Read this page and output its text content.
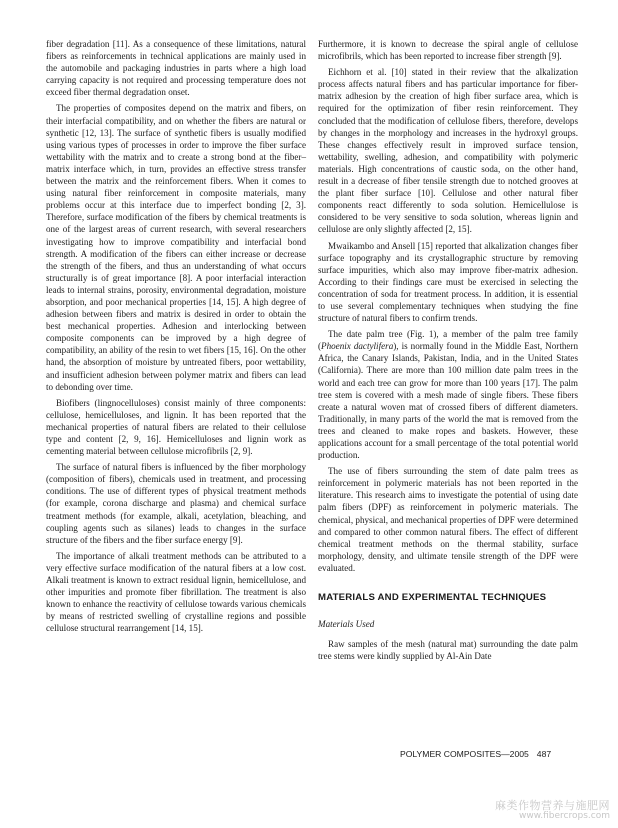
fiber degradation [11]. As a consequence of these limitations, natural fibers as reinforcements in technical applications are mainly used in the automobile and packaging industries in parts where a high load carrying capacity is not required and processing temperature does not exceed fiber thermal degradation onset.

The properties of composites depend on the matrix and fibers, on their interfacial compatibility, and on whether the fibers are natural or synthetic [12, 13]. The surface of synthetic fibers is usually modified using various types of processes in order to improve the fiber surface wettability with the matrix and to create a strong bond at the fiber–matrix interface which, in turn, provides an effective stress transfer between the matrix and the reinforcement fibers. When it comes to using natural fiber reinforcement in composite materials, many problems occur at this interface due to imperfect bonding [2, 3]. Therefore, surface modification of the fibers by chemical treatments is one of the largest areas of current research, with several researchers investigating how to improve compatibility and interfacial bond strength. A modification of the fibers can either increase or decrease the strength of the fibers, and thus an understanding of what occurs structurally is of great importance [8]. A poor interfacial interaction leads to internal strains, porosity, environmental degradation, moisture absorption, and poor mechanical properties [14, 15]. A high degree of adhesion between fibers and matrix is desired in order to obtain the best mechanical properties. Adhesion and interlocking between composite components can be improved by a high degree of compatibility, an ability of the resin to wet fibers [15, 16]. On the other hand, the absorption of moisture by untreated fibers, poor wettability, and insufficient adhesion between polymer matrix and fibers can lead to debonding over time.

Biofibers (lingnocelluloses) consist mainly of three components: cellulose, hemicelluloses, and lignin. It has been reported that the mechanical properties of natural fibers are related to their cellulose type and content [2, 9, 16]. Hemicelluloses and lignin work as cementing material between cellulose microfibrils [2, 9].

The surface of natural fibers is influenced by the fiber morphology (composition of fibers), chemicals used in treatment, and processing conditions. The use of different types of physical treatment methods (for example, corona discharge and plasma) and chemical surface treatment methods (for example, alkali, acetylation, bleaching, and coupling agents such as silanes) leads to changes in the surface structure of the fibers and the fiber surface energy [9].

The importance of alkali treatment methods can be attributed to a very effective surface modification of the natural fibers at a low cost. Alkali treatment is known to extract residual lignin, hemicellulose, and other impurities and promote fiber fibrillation. The treatment is also known to enhance the reactivity of cellulose towards various chemicals by means of restricted swelling of crystalline regions and possible cellulose structural rearrangement [14, 15].

Furthermore, it is known to decrease the spiral angle of cellulose microfibrils, which has been reported to increase fiber strength [9].

Eichhorn et al. [10] stated in their review that the alkalization process affects natural fibers and has particular importance for fiber-matrix adhesion by the creation of high fiber surface area, which is required for the optimization of fiber resin reinforcement. They concluded that the modification of cellulose fibers, therefore, develops by changes in the morphology and increases in the hydroxyl groups. These changes effectively result in improved surface tension, wettability, swelling, adhesion, and compatibility with polymeric materials. High concentrations of caustic soda, on the other hand, result in a decrease of fiber tensile strength due to notched grooves at the plant fiber surface [10]. Cellulose and other natural fiber components react differently to soda solution. Hemicellulose is considered to be very sensitive to soda solution, whereas lignin and cellulose are only slightly affected [2, 15].

Mwaikambo and Ansell [15] reported that alkalization changes fiber surface topography and its crystallographic structure by removing surface impurities, which also may improve fiber-matrix adhesion. According to their findings care must be exercised in selecting the concentration of soda for treatment process. In addition, it is essential to use several complementary techniques when studying the fine structure of natural fibers to confirm trends.

The date palm tree (Fig. 1), a member of the palm tree family (Phoenix dactylifera), is normally found in the Middle East, Northern Africa, the Canary Islands, Pakistan, India, and in the United States (California). There are more than 100 million date palm trees in the world and each tree can grow for more than 100 years [17]. The palm tree stem is covered with a mesh made of single fibers. These fibers create a natural woven mat of crossed fibers of different diameters. Traditionally, in many parts of the world the mat is removed from the trees and cleaned to make ropes and baskets. However, these applications account for a small percentage of the total potential world production.

The use of fibers surrounding the stem of date palm trees as reinforcement in polymeric materials has not been reported in the literature. This research aims to investigate the potential of using date palm fibers (DPF) as reinforcement in polymeric materials. The chemical, physical, and mechanical properties of DPF were determined and compared to other common natural fibers. The effect of different chemical treatment methods on the thermal stability, surface morphology, density, and ultimate tensile strength of the DPF were evaluated.

MATERIALS AND EXPERIMENTAL TECHNIQUES
Materials Used

Raw samples of the mesh (natural mat) surrounding the date palm tree stems were kindly supplied by Al-Ain Date

POLYMER COMPOSITES—2005 487
麻类作物营养与施肥网
www.fibercrops.com
